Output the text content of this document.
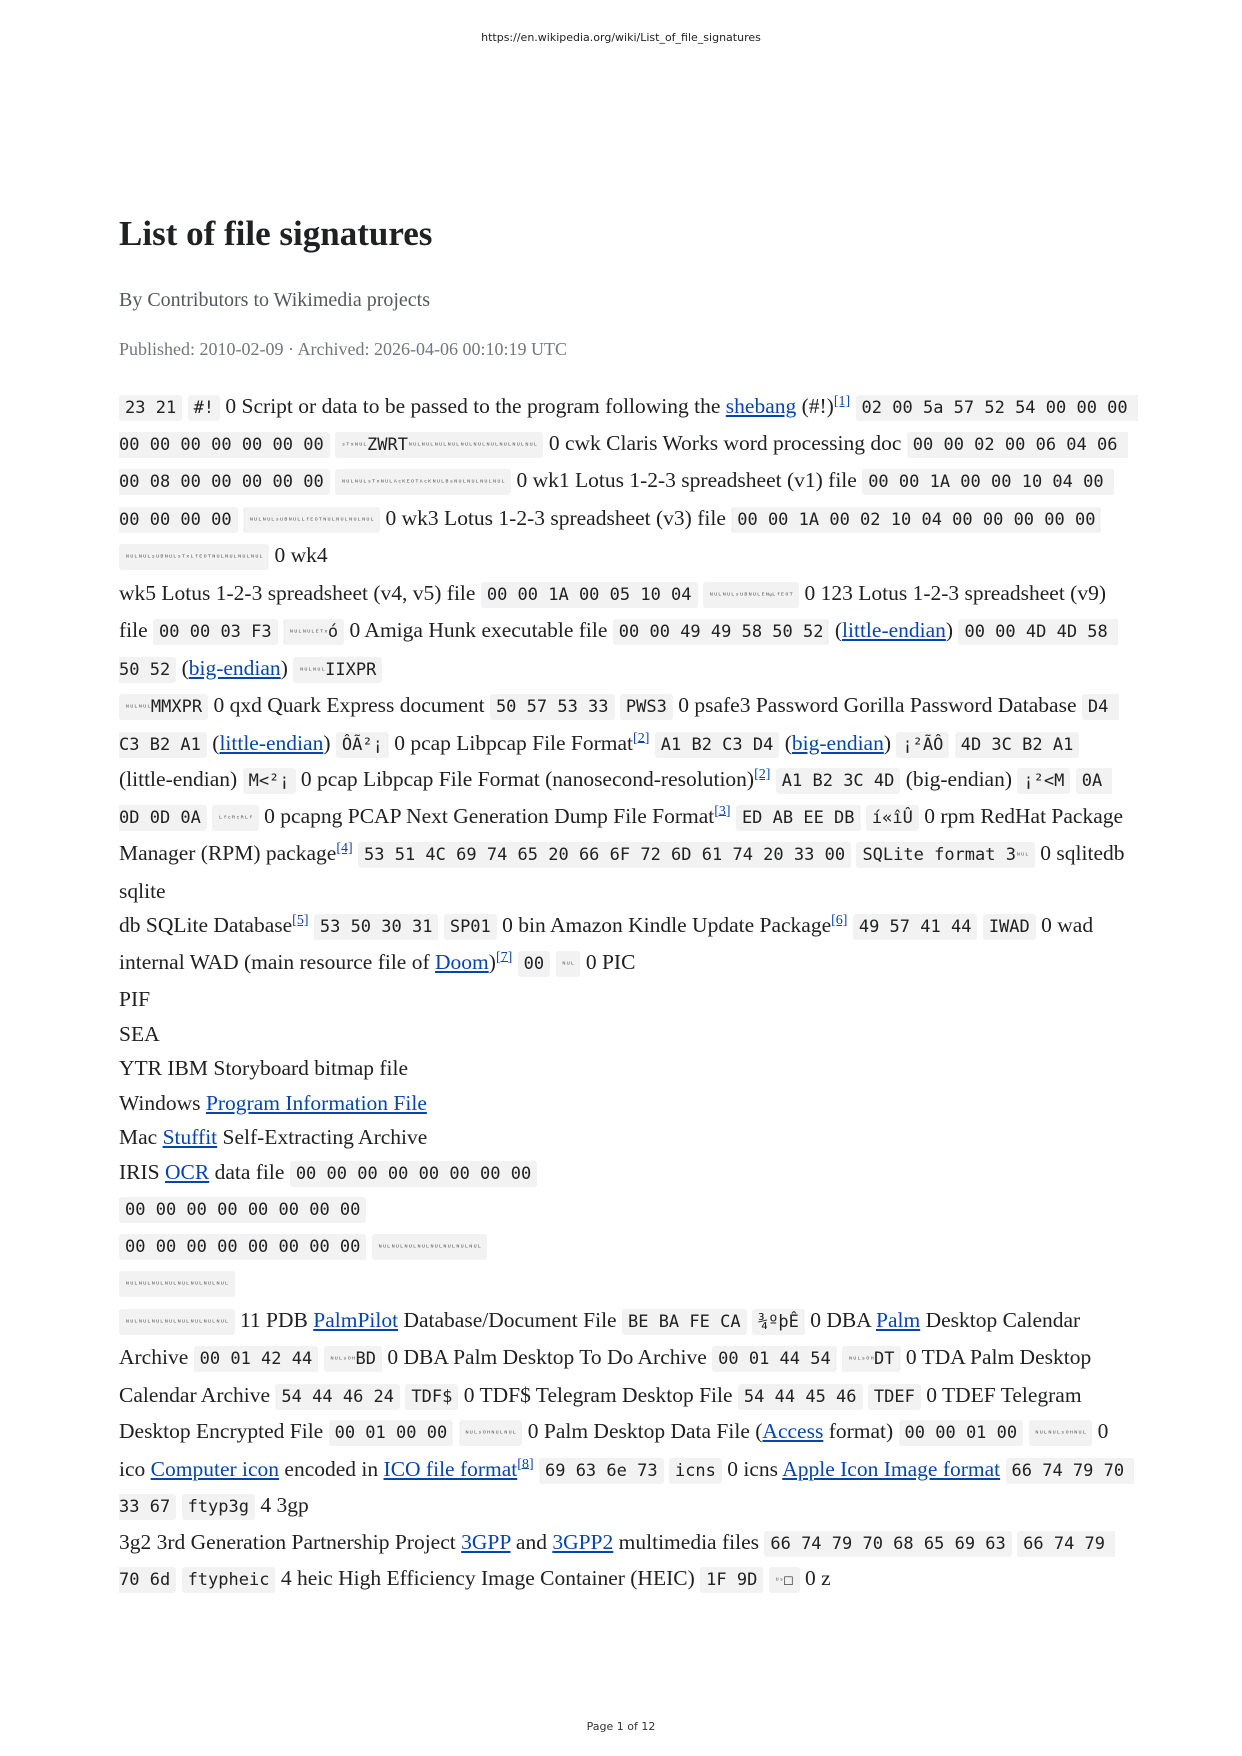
https://en.wikipedia.org/wiki/List_of_file_signatures
List of file signatures
By Contributors to Wikimedia projects
Published: 2010-02-09 · Archived: 2026-04-06 00:10:19 UTC
23 21 #! 0 Script or data to be passed to the program following the shebang (#!)[1] 02 00 5a 57 52 54 00 00 00 00 00 00 00 00 00 00 ˢᵀˣᴺᵁᴸZWRTᴺᵁᴸᴺᵁᴸᴺᵁᴸᴺᵁᴸᴺᵁᴸᴺᵁᴸᴺᵁᴸᴺᵁᴸᴺᵁᴸᴺᵁᴸ 0 cwk Claris Works word processing doc 00 00 02 00 06 04 06 00 08 00 00 00 00 00 ᴺᵁᴸᴺᵁᴸˢᵀˣᴺᵁᴸᴬᶜᴷᴱᴼᵀᴬᶜᴷᴺᵁᴸᴮˢᴺᵁᴸᴺᵁᴸᴺᵁᴸᴺᵁᴸ 0 wk1 Lotus 1-2-3 spreadsheet (v1) file 00 00 1A 00 00 10 04 00 00 00 00 00 ᴺᵁᴸᴺᵁᴸˢᵁᴮᴺᵁᴸᴸᶠᴱᴼᵀᴺᵁᴸᴺᵁᴸᴺᵁᴸᴺᵁᴸ 0 wk3 Lotus 1-2-3 spreadsheet (v3) file 00 00 1A 00 02 10 04 00 00 00 00 00 ᴺᵁᴸᴺᵁᴸˢᵁᴮᴺᵁᴸˢᵀˣᴸᶠᴱᴼᵀᴺᵁᴸᴺᵁᴸᴺᵁᴸᴺᵁᴸ 0 wk4
wk5 Lotus 1-2-3 spreadsheet (v4, v5) file 00 00 1A 00 05 10 04 ᴺᵁᴸᴺᵁᴸˢᵁᴮᴺᵁᴸᴱᴺᵠᴸᶠᴱᴼᵀ 0 123 Lotus 1-2-3 spreadsheet (v9) file 00 00 03 F3 ᴺᵁᴸᴺᵁᴸᴱᵀˣó 0 Amiga Hunk executable file 00 00 49 49 58 50 52 (little-endian) 00 00 4D 4D 58 50 52 (big-endian) ᴺᵁᴸᴺᵁᴸIIXPR
ᴺᵁᴸᴺᵁᴸMMXPR 0 qxd Quark Express document 50 57 53 33 PWS3 0 psafe3 Password Gorilla Password Database D4 C3 B2 A1 (little-endian) ÔÃ²¡ 0 pcap Libpcap File Format[2] A1 B2 C3 D4 (big-endian) ¡²ÃÔ 4D 3C B2 A1 (little-endian) M<²¡ 0 pcap Libpcap File Format (nanosecond-resolution)[2] A1 B2 3C 4D (big-endian) ¡²<M 0A 0D 0D 0A ᴸᶠᶜᴿᶜᴿᴸᶠ 0 pcapng PCAP Next Generation Dump File Format[3] ED AB EE DB í«îÛ 0 rpm RedHat Package Manager (RPM) package[4] 53 51 4C 69 74 65 20 66 6F 72 6D 61 74 20 33 00 SQLite format 3ᴺᵁᴸ 0 sqlitedb
sqlite
db SQLite Database[5] 53 50 30 31 SP01 0 bin Amazon Kindle Update Package[6] 49 57 41 44 IWAD 0 wad internal WAD (main resource file of Doom)[7] 00 ᴺᵁᴸ 0 PIC
PIF
SEA
YTR IBM Storyboard bitmap file
Windows Program Information File
Mac Stuffit Self-Extracting Archive
IRIS OCR data file 00 00 00 00 00 00 00 00
00 00 00 00 00 00 00 00
00 00 00 00 00 00 00 00 ᴺᵁᴸᴺᵁᴸᴺᵁᴸᴺᵁᴸᴺᵁᴸᴺᵁᴸᴺᵁᴸᴺᵁᴸ
ᴺᵁᴸᴺᵁᴸᴺᵁᴸᴺᵁᴸᴺᵁᴸᴺᵁᴸᴺᵁᴸᴺᵁᴸ
ᴺᵁᴸᴺᵁᴸᴺᵁᴸᴺᵁᴸᴺᵁᴸᴺᵁᴸᴺᵁᴸᴺᵁᴸ 11 PDB PalmPilot Database/Document File BE BA FE CA ¾ºþÊ 0 DBA Palm Desktop Calendar Archive 00 01 42 44 ᴺᵁᴸˢᴼᴴBD 0 DBA Palm Desktop To Do Archive 00 01 44 54 ᴺᵁᴸˢᴼᴴDT 0 TDA Palm Desktop Calendar Archive 54 44 46 24 TDF$ 0 TDF$ Telegram Desktop File 54 44 45 46 TDEF 0 TDEF Telegram Desktop Encrypted File 00 01 00 00 ᴺᵁᴸˢᴼᴴᴺᵁᴸᴺᵁᴸ 0 Palm Desktop Data File (Access format) 00 00 01 00 ᴺᵁᴸᴺᵁᴸˢᴼᴴᴺᵁᴸ 0 ico Computer icon encoded in ICO file format[8] 69 63 6e 73 icns 0 icns Apple Icon Image format 66 74 79 70 33 67 ftyp3g 4 3gp
3g2 3rd Generation Partnership Project 3GPP and 3GPP2 multimedia files 66 74 79 70 68 65 69 63 66 74 79 70 6d ftypheic 4 heic High Efficiency Image Container (HEIC) 1F 9D ᵁˢ☐ 0 z
Page 1 of 12
